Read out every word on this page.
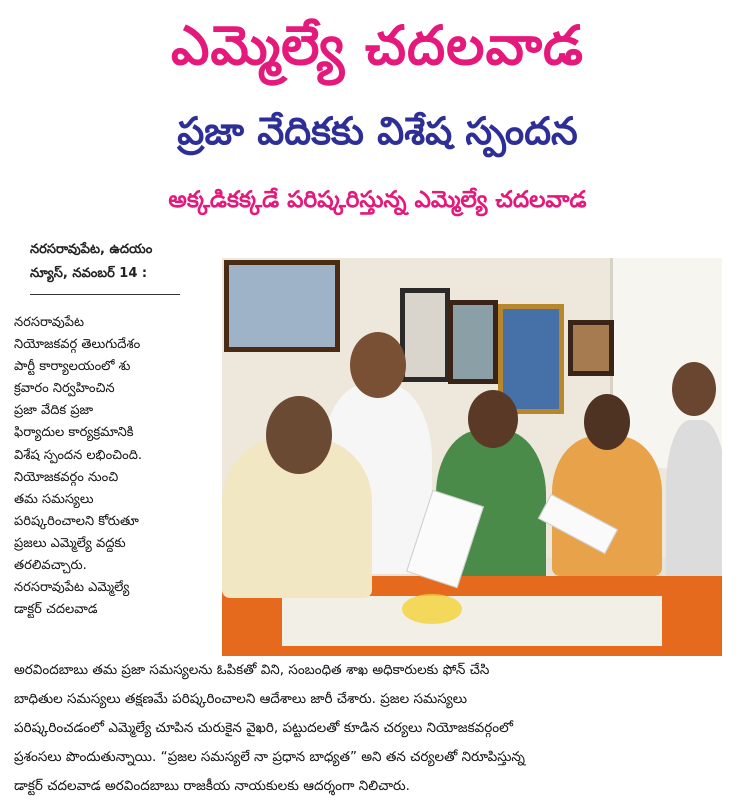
ఎమ్మెల్యే చదలవాడ
ప్రజా వేదికకు విశేష స్పందన
అక్కడికక్కడే పరిష్కరిస్తున్న ఎమ్మెల్యే చదలవాడ
నరసరావుపేట, ఉదయం
న్యూస్, నవంబర్ 14 :
నరసరావుపేట
నియోజకవర్గ తెలుగుదేశం
పార్టీ కార్యాలయంలో శు
క్రవారం నిర్వహించిన
ప్రజా వేదిక ప్రజా
ఫిర్యాదుల కార్యక్రమానికి
విశేష స్పందన లభించింది.
నియోజకవర్గం నుంచి
తమ సమస్యలు
పరిష్కరించాలని కోరుతూ
ప్రజలు ఎమ్మెల్యే వద్దకు
తరలివచ్చారు.
నరసరావుపేట ఎమ్మెల్యే
డాక్టర్ చదలవాడ
అరవిందబాబు తమ ప్రజా సమస్యలను ఓపికతో విని, సంబంధిత శాఖ అధికారులకు ఫోన్ చేసి
బాధితుల సమస్యలు తక్షణమే పరిష్కరించాలని ఆదేశాలు జారీ చేశారు. ప్రజల సమస్యలు
పరిష్కరించడంలో ఎమ్మెల్యే చూపిన చురుకైన వైఖరి, పట్టుదలతో కూడిన చర్యలు నియోజకవర్గంలో
ప్రశంసలు పొందుతున్నాయి. “ప్రజల సమస్యలే నా ప్రధాన బాధ్యత” అని తన చర్యలతో నిరూపిస్తున్న
డాక్టర్ చదలవాడ అరవిందబాబు రాజకీయ నాయకులకు ఆదర్శంగా నిలిచారు.
